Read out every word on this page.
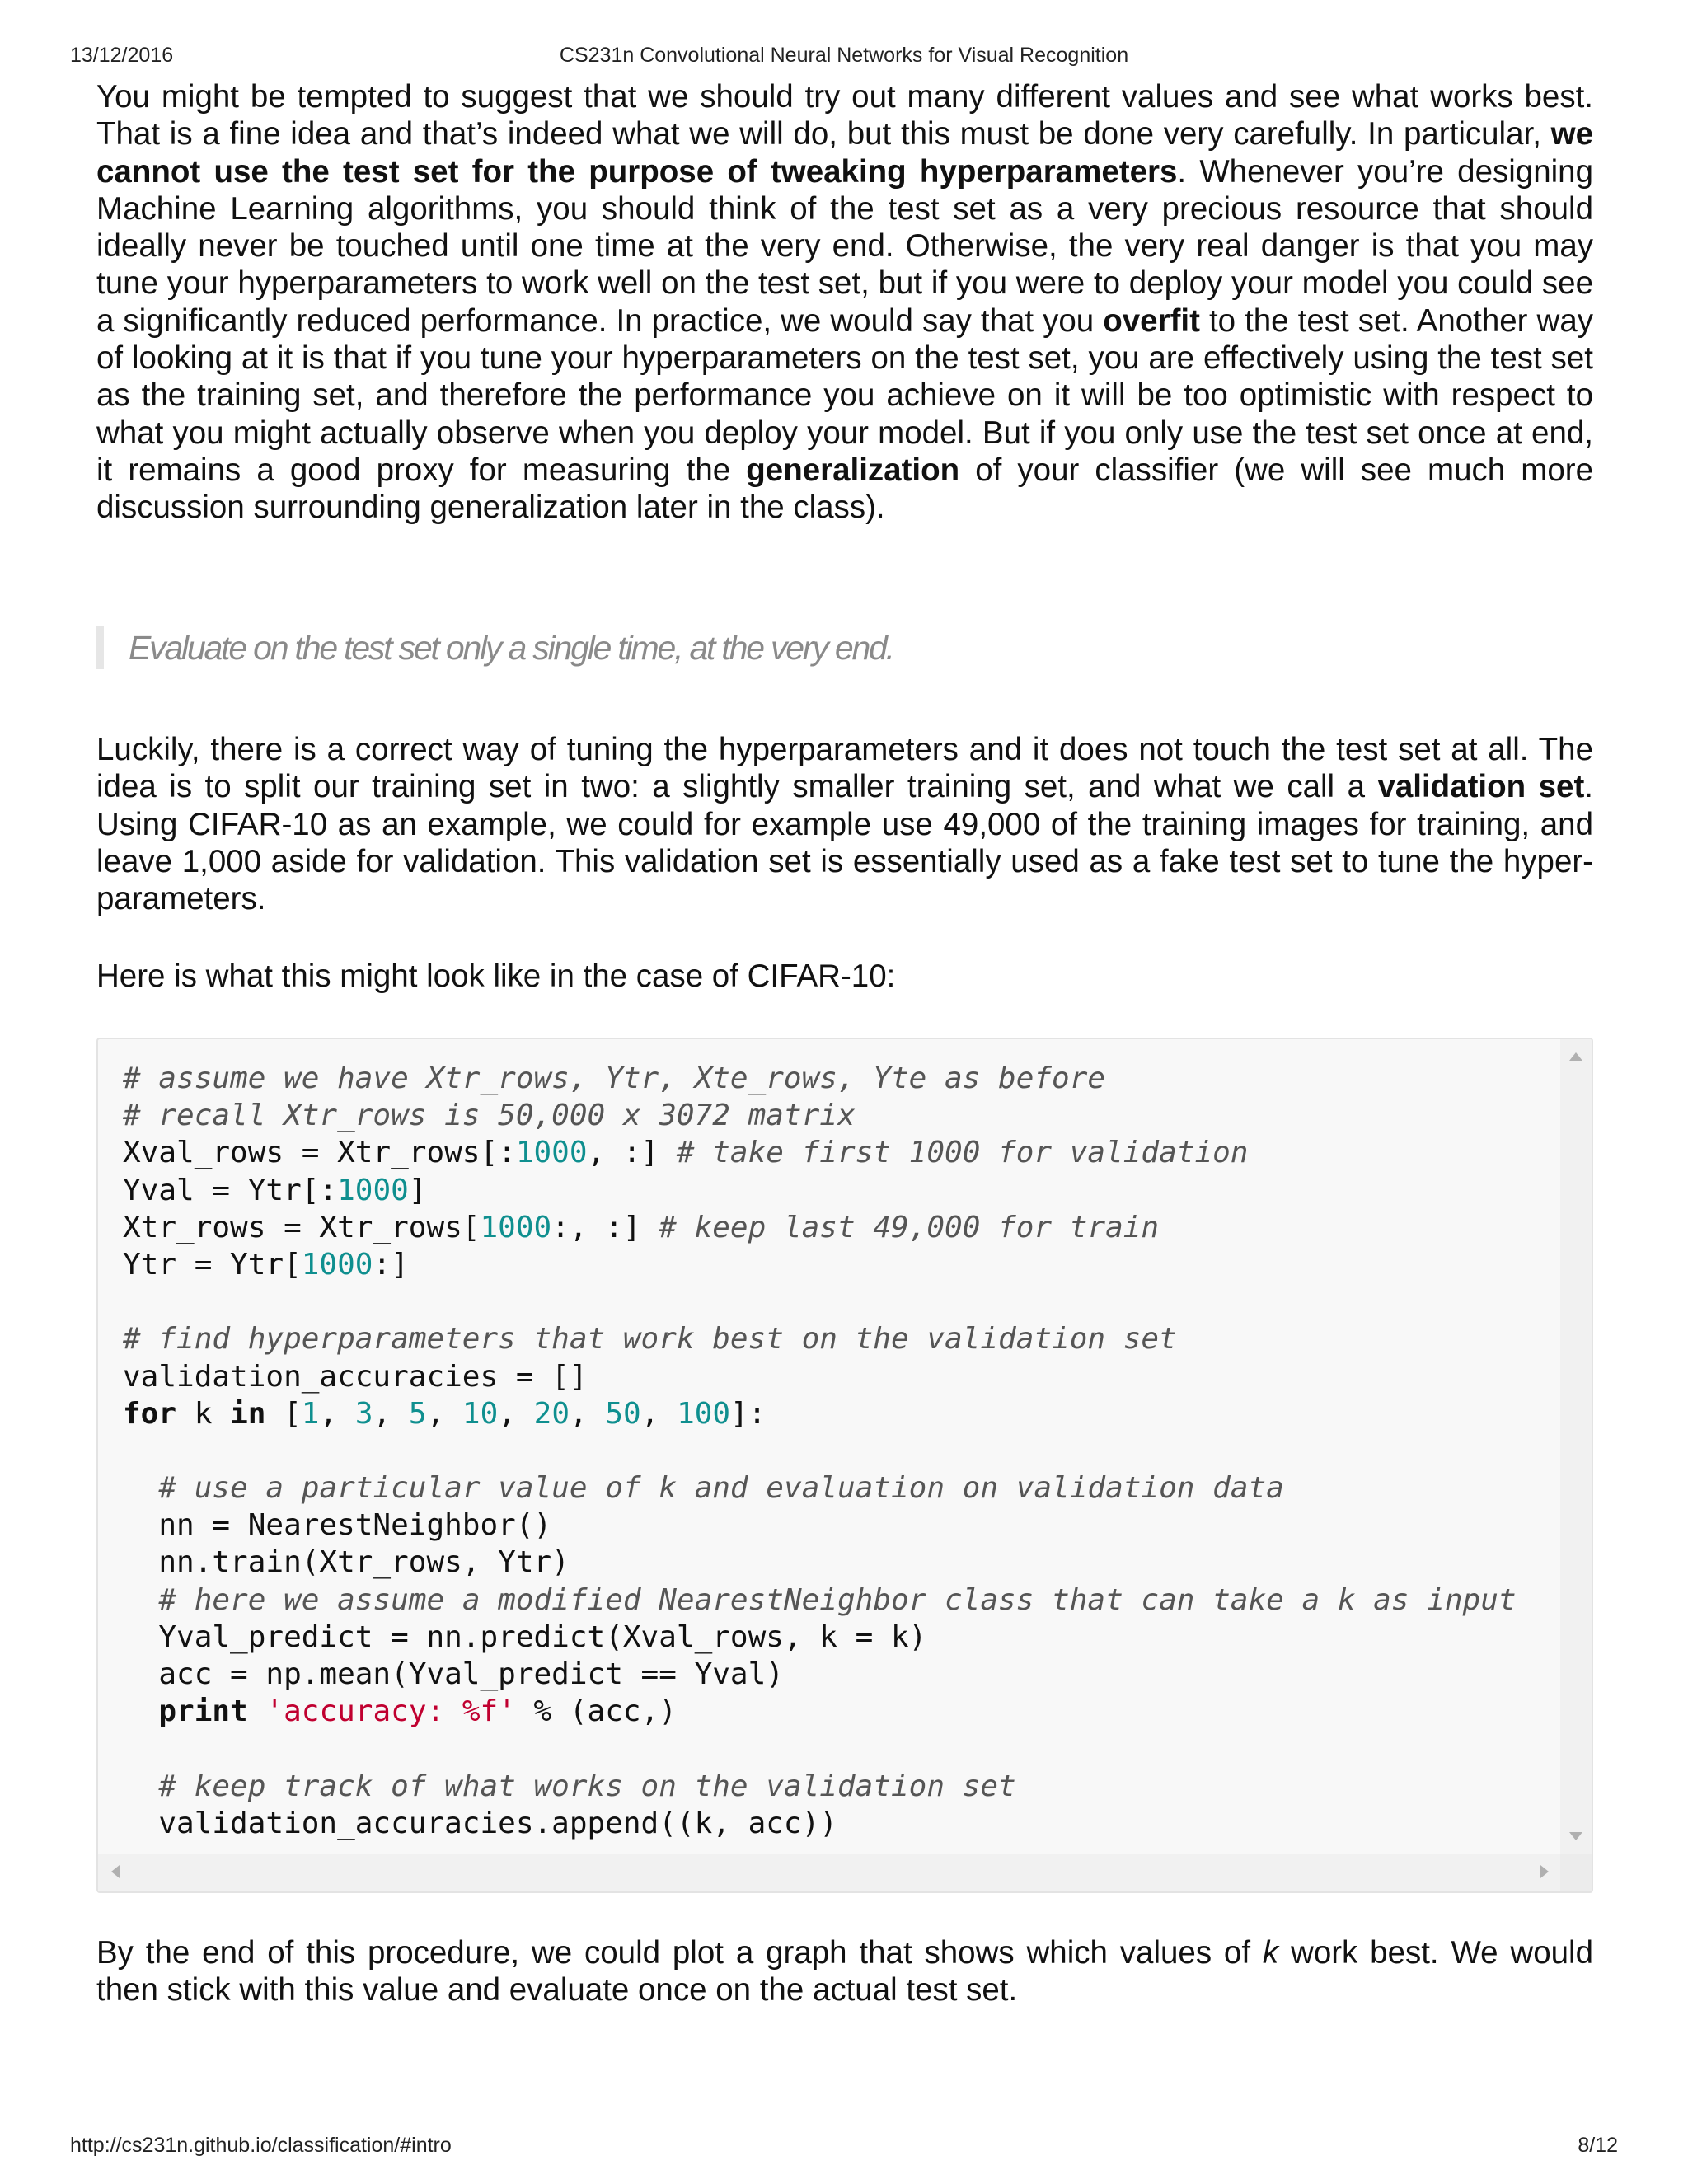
13/12/2016	CS231n Convolutional Neural Networks for Visual Recognition

You might be tempted to suggest that we should try out many different values and see what works best. That is a fine idea and that’s indeed what we will do, but this must be done very carefully. In particular, we cannot use the test set for the purpose of tweaking hyperparameters. Whenever you’re designing Machine Learning algorithms, you should think of the test set as a very precious resource that should ideally never be touched until one time at the very end. Otherwise, the very real danger is that you may tune your hyperparameters to work well on the test set, but if you were to deploy your model you could see a significantly reduced performance. In practice, we would say that you overfit to the test set. Another way of looking at it is that if you tune your hyperparameters on the test set, you are effectively using the test set as the training set, and therefore the performance you achieve on it will be too optimistic with respect to what you might actually observe when you deploy your model. But if you only use the test set once at end, it remains a good proxy for measuring the generalization of your classifier (we will see much more discussion surrounding generalization later in the class).

Evaluate on the test set only a single time, at the very end.

Luckily, there is a correct way of tuning the hyperparameters and it does not touch the test set at all. The idea is to split our training set in two: a slightly smaller training set, and what we call a validation set. Using CIFAR-10 as an example, we could for example use 49,000 of the training images for training, and leave 1,000 aside for validation. This validation set is essentially used as a fake test set to tune the hyper-parameters.

Here is what this might look like in the case of CIFAR-10:

# assume we have Xtr_rows, Ytr, Xte_rows, Yte as before
# recall Xtr_rows is 50,000 x 3072 matrix
Xval_rows = Xtr_rows[:1000, :] # take first 1000 for validation
Yval = Ytr[:1000]
Xtr_rows = Xtr_rows[1000:, :] # keep last 49,000 for train
Ytr = Ytr[1000:]

# find hyperparameters that work best on the validation set
validation_accuracies = []
for k in [1, 3, 5, 10, 20, 50, 100]:

# use a particular value of k and evaluation on validation data
nn = NearestNeighbor()
nn.train(Xtr_rows, Ytr)
# here we assume a modified NearestNeighbor class that can take a k as input
Yval_predict = nn.predict(Xval_rows, k = k)
acc = np.mean(Yval_predict == Yval)
print 'accuracy: %f' % (acc,)

# keep track of what works on the validation set
validation_accuracies.append((k, acc))

By the end of this procedure, we could plot a graph that shows which values of k work best. We would then stick with this value and evaluate once on the actual test set.

http://cs231n.github.io/classification/#intro	8/12
